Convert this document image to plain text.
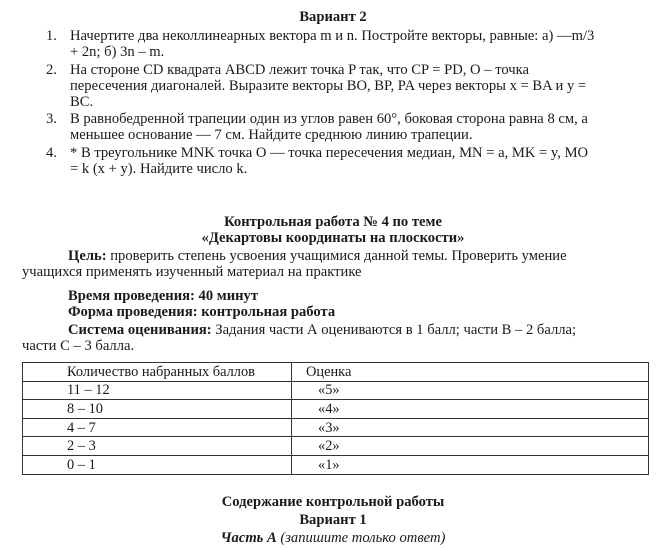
Вариант 2
1. Начертите два неколлинеарных вектора m и n. Постройте векторы, равные: а) —m/3
+ 2n; б) 3n – m.
2. На стороне CD квадрата ABCD лежит точка P так, что CP = PD, O – точка
пересечения диагоналей. Выразите векторы BO, BP, PA через векторы x = BA и y =
BC.
3. В равнобедренной трапеции один из углов равен 60°, боковая сторона равна 8 см, а
меньшее основание — 7 см. Найдите среднюю линию трапеции.
4. * В треугольнике MNK точка O — точка пересечения медиан, MN = a, MK = y, MO
= k (x + y). Найдите число k.
Контрольная работа № 4 по теме
«Декартовы координаты на плоскости»
Цель: проверить степень усвоения учащимися данной темы. Проверить умение
учащихся применять изученный материал на практике
Время проведения: 40 минут
Форма проведения: контрольная работа
Система оценивания: Задания части А оцениваются в 1 балл; части В – 2 балла;
части С – 3 балла.
Количество набранных баллов	Оценка
11 – 12	«5»
8 – 10	«4»
4 – 7	«3»
2 – 3	«2»
0 – 1	«1»
Содержание контрольной работы
Вариант 1
Часть А (запишите только ответ)
